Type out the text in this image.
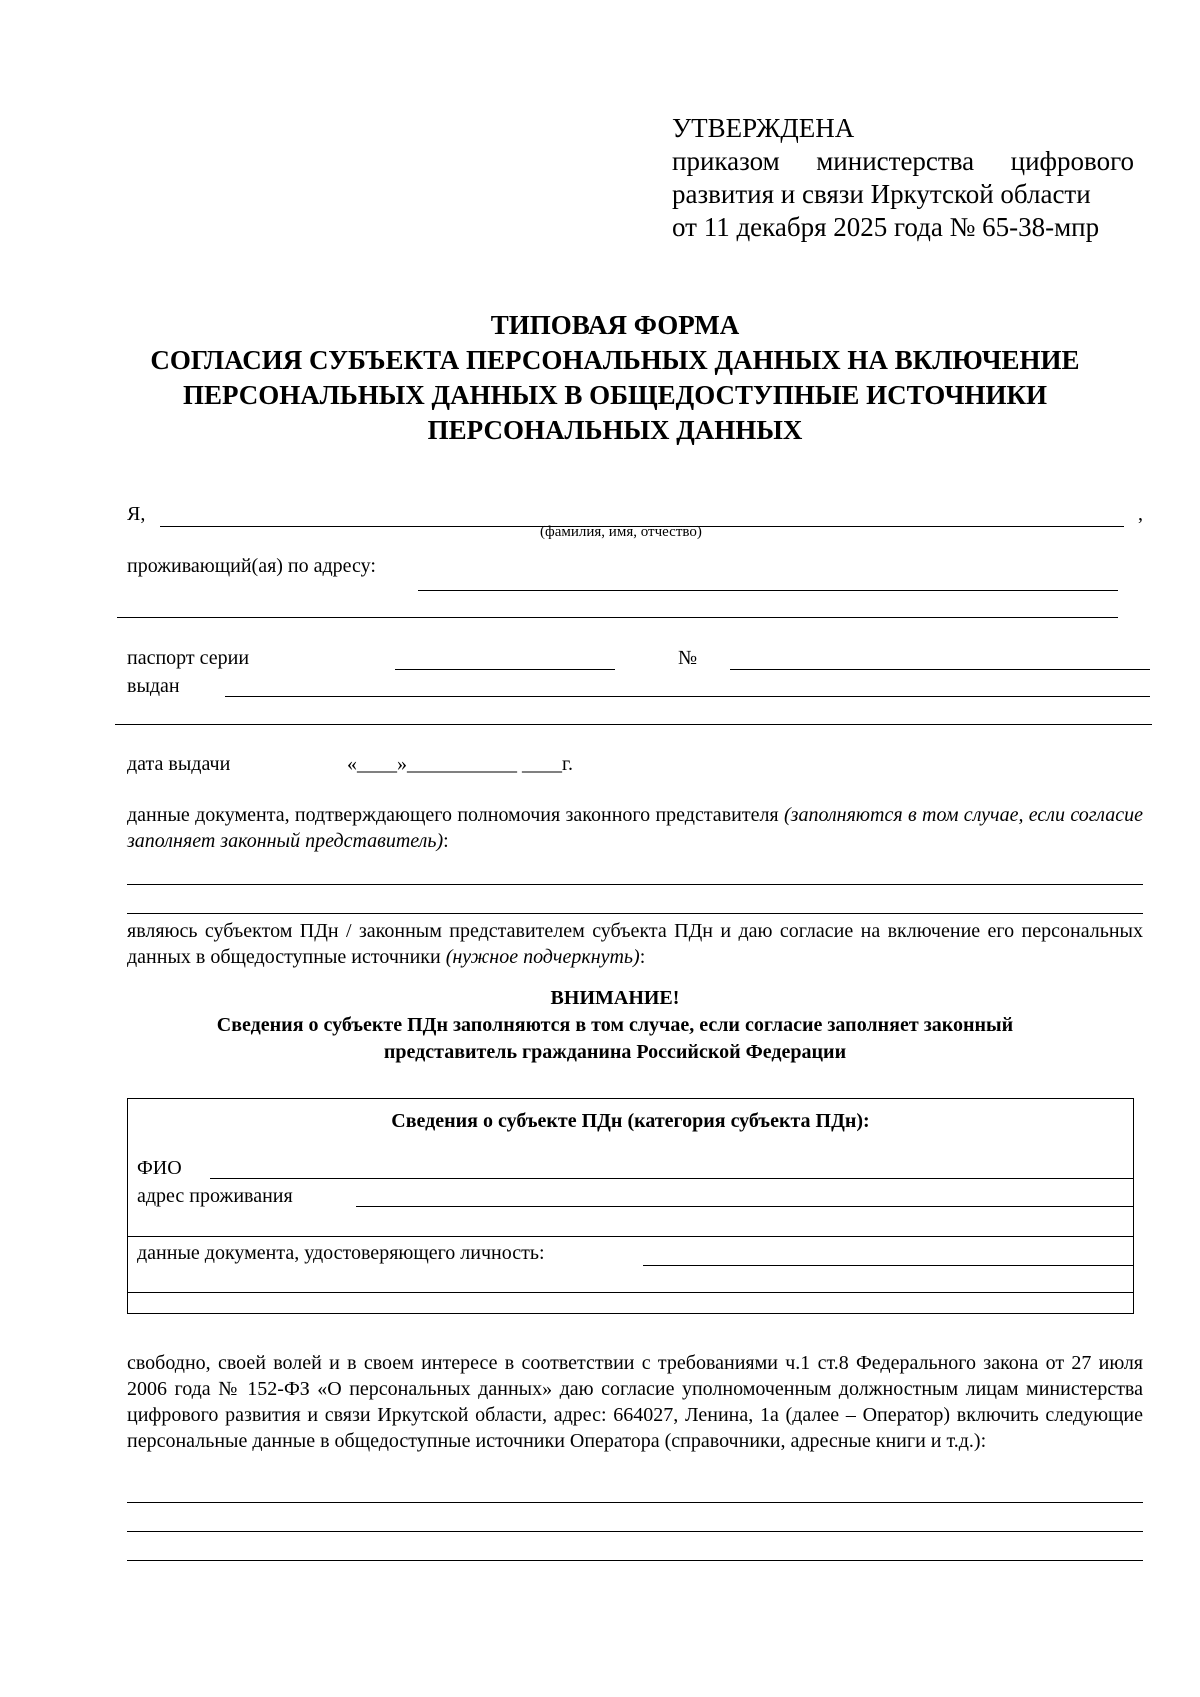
УТВЕРЖДЕНА
приказом министерства цифрового
развития и связи Иркутской области
от 11 декабря 2025 года № 65-38-мпр
ТИПОВАЯ ФОРМА
СОГЛАСИЯ СУБЪЕКТА ПЕРСОНАЛЬНЫХ ДАННЫХ НА ВКЛЮЧЕНИЕ
ПЕРСОНАЛЬНЫХ ДАННЫХ В ОБЩЕДОСТУПНЫЕ ИСТОЧНИКИ
ПЕРСОНАЛЬНЫХ ДАННЫХ
Я,	,
(фамилия, имя, отчество)
проживающий(ая) по адресу:
паспорт серии	№
выдан
дата выдачи	«____»___________ ____г.
данные документа, подтверждающего полномочия законного представителя (заполняются в том случае, если согласие заполняет законный представитель):
являюсь субъектом ПДн / законным представителем субъекта ПДн и даю согласие на включение его персональных данных в общедоступные источники (нужное подчеркнуть):
ВНИМАНИЕ!
Сведения о субъекте ПДн заполняются в том случае, если согласие заполняет законный
представитель гражданина Российской Федерации
Сведения о субъекте ПДн (категория субъекта ПДн):
ФИО
адрес проживания
данные документа, удостоверяющего личность:
свободно, своей волей и в своем интересе в соответствии с требованиями ч.1 ст.8 Федерального закона от 27 июля 2006 года № 152-ФЗ «О персональных данных» даю согласие уполномоченным должностным лицам министерства цифрового развития и связи Иркутской области, адрес: 664027, Ленина, 1а (далее – Оператор) включить следующие персональные данные в общедоступные источники Оператора (справочники, адресные книги и т.д.):
